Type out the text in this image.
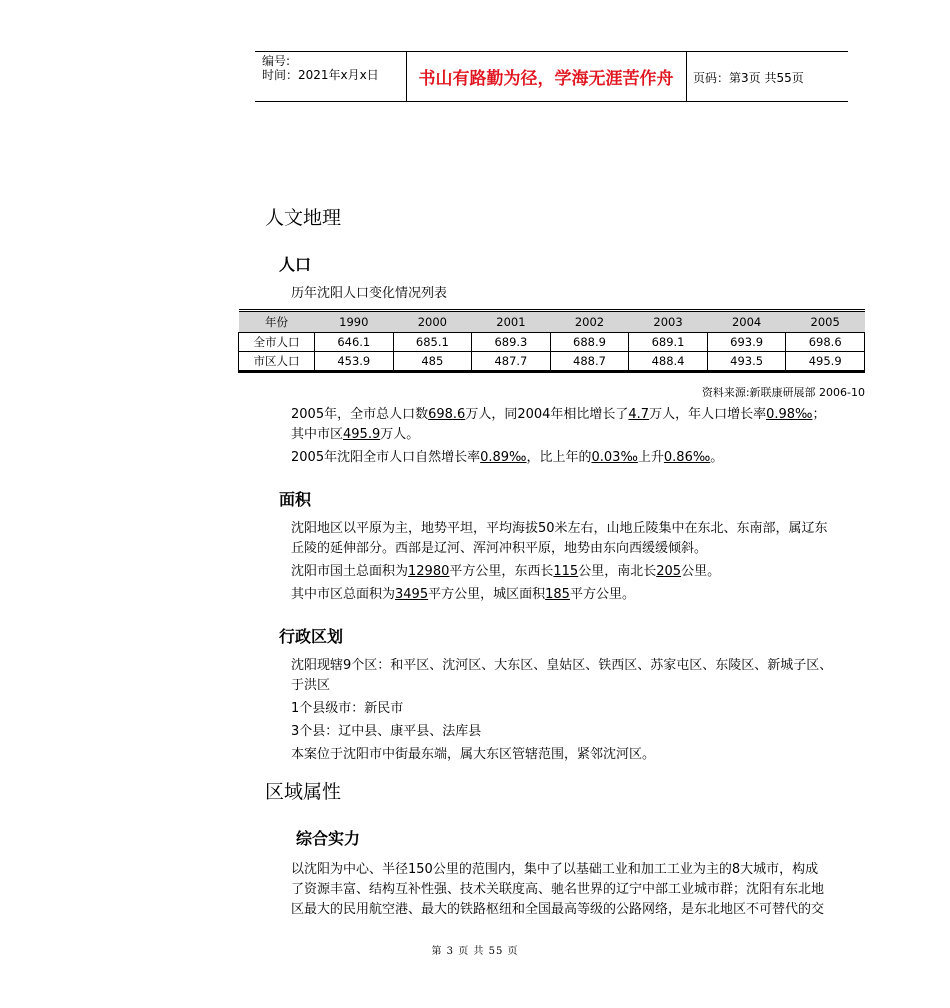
编号:
时间：2021年x月x日	书山有路勤为径，学海无涯苦作舟	页码：第3页 共55页
人文地理
人口
历年沈阳人口变化情况列表
年份	1990	2000	2001	2002	2003	2004	2005
全市人口	646.1	685.1	689.3	688.9	689.1	693.9	698.6
市区人口	453.9	485	487.7	488.7	488.4	493.5	495.9
资料来源:新联康研展部 2006-10
2005年，全市总人口数698.6万人，同2004年相比增长了4.7万人，年人口增长率0.98‰；
其中市区495.9万人。
2005年沈阳全市人口自然增长率0.89‰，比上年的0.03‰上升0.86‰。
面积
沈阳地区以平原为主，地势平坦，平均海拔50米左右，山地丘陵集中在东北、东南部，属辽东
丘陵的延伸部分。西部是辽河、浑河冲积平原，地势由东向西缓缓倾斜。
沈阳市国土总面积为12980平方公里，东西长115公里，南北长205公里。
其中市区总面积为3495平方公里，城区面积185平方公里。
行政区划
沈阳现辖9个区：和平区、沈河区、大东区、皇姑区、铁西区、苏家屯区、东陵区、新城子区、
于洪区
1个县级市：新民市
3个县：辽中县、康平县、法库县
本案位于沈阳市中街最东端，属大东区管辖范围，紧邻沈河区。
区域属性
综合实力
以沈阳为中心、半径150公里的范围内，集中了以基础工业和加工工业为主的8大城市，构成
了资源丰富、结构互补性强、技术关联度高、驰名世界的辽宁中部工业城市群；沈阳有东北地
区最大的民用航空港、最大的铁路枢纽和全国最高等级的公路网络，是东北地区不可替代的交
第 3 页 共 55 页
